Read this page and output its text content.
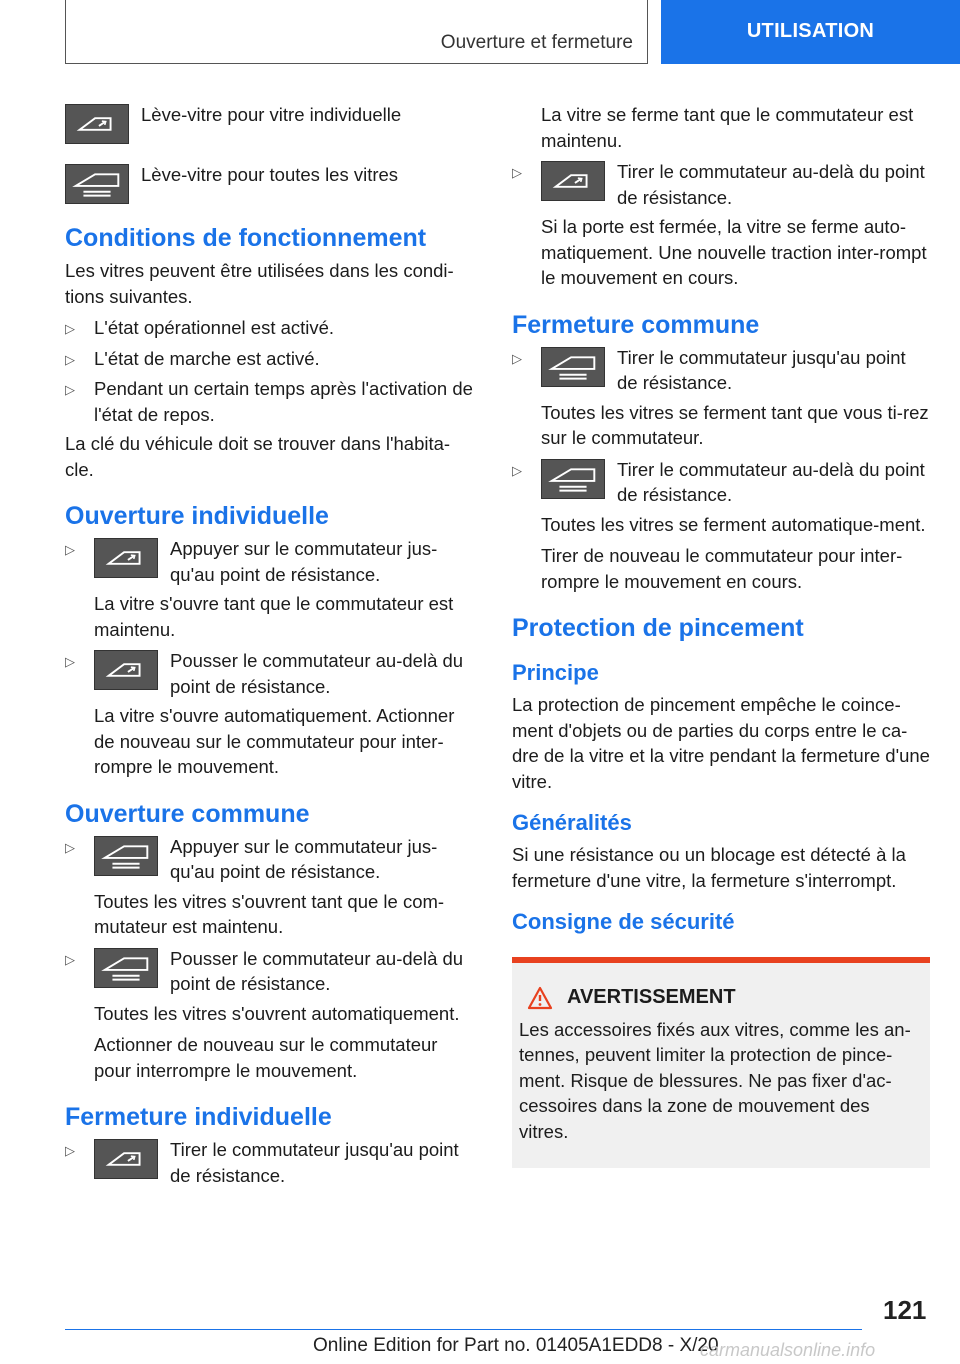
Ouverture et fermeture
UTILISATION
Lève-vitre pour vitre individuelle
Lève-vitre pour toutes les vitres
Conditions de fonctionnement

Les vitres peuvent être utilisées dans les condi-tions suivantes.

▷	L'état opérationnel est activé.
▷	L'état de marche est activé.
▷	Pendant un certain temps après l'activation de l'état de repos.

La clé du véhicule doit se trouver dans l'habita-cle.

Ouverture individuelle
▷	Appuyer sur le commutateur jus-qu'au point de résistance.

La vitre s'ouvre tant que le commutateur est maintenu.

▷	Pousser le commutateur au-delà du point de résistance.

La vitre s'ouvre automatiquement. Actionner de nouveau sur le commutateur pour inter-rompre le mouvement.

Ouverture commune
▷	Appuyer sur le commutateur jus-qu'au point de résistance.

Toutes les vitres s'ouvrent tant que le com-mutateur est maintenu.

▷	Pousser le commutateur au-delà du point de résistance.

Toutes les vitres s'ouvrent automatiquement.

Actionner de nouveau sur le commutateur pour interrompre le mouvement.

Fermeture individuelle
▷	Tirer le commutateur jusqu'au point de résistance.

La vitre se ferme tant que le commutateur est maintenu.

▷	Tirer le commutateur au-delà du point de résistance.

Si la porte est fermée, la vitre se ferme auto-matiquement. Une nouvelle traction inter-rompt le mouvement en cours.

Fermeture commune
▷	Tirer le commutateur jusqu'au point de résistance.

Toutes les vitres se ferment tant que vous ti-rez sur le commutateur.

▷	Tirer le commutateur au-delà du point de résistance.

Toutes les vitres se ferment automatique-ment.

Tirer de nouveau le commutateur pour inter-rompre le mouvement en cours.

Protection de pincement
Principe

La protection de pincement empêche le coince-ment d'objets ou de parties du corps entre le ca-dre de la vitre et la vitre pendant la fermeture d'une vitre.

Généralités

Si une résistance ou un blocage est détecté à la fermeture d'une vitre, la fermeture s'interrompt.

Consigne de sécurité
AVERTISSEMENT

Les accessoires fixés aux vitres, comme les an-tennes, peuvent limiter la protection de pince-ment. Risque de blessures. Ne pas fixer d'ac-cessoires dans la zone de mouvement des vitres.

121
Online Edition for Part no. 01405A1EDD8 - X/20
carmanualsonline.info
